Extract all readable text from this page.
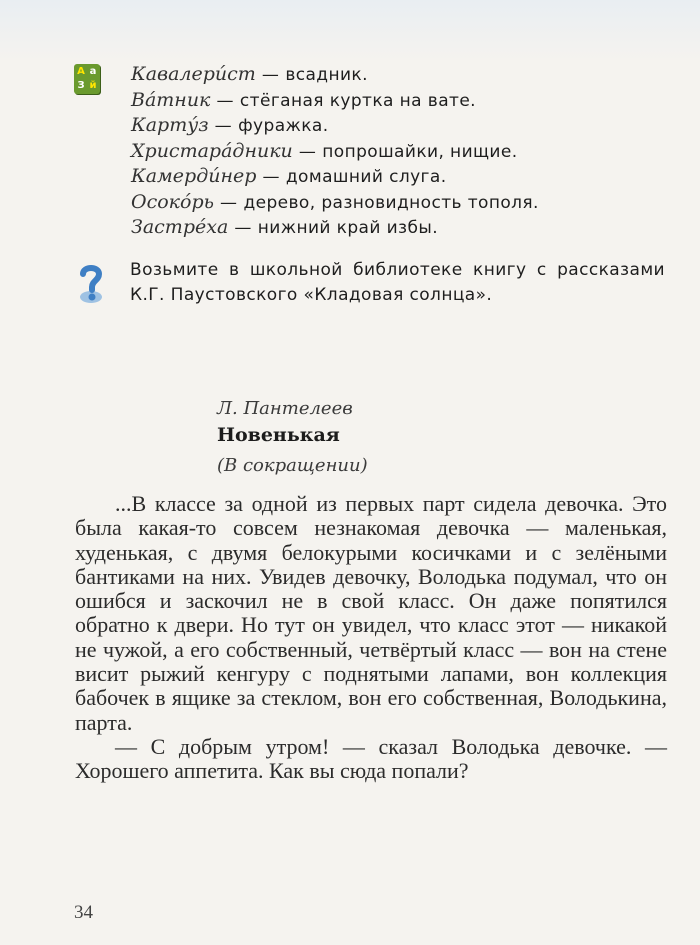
А а
З й
Кавалери́ст — всадник.
Ва́тник — стёганая куртка на вате.
Карту́з — фуражка.
Христара́дники — попрошайки, нищие.
Камерди́нер — домашний слуга.
Осоко́рь — дерево, разновидность тополя.
Застре́ха — нижний край избы.
Возьмите в школьной библиотеке книгу с рассказами К.Г. Паустовского «Кладовая солнца».
Л. Пантелеев
Новенькая
(В сокращении)

...В классе за одной из первых парт сидела девочка. Это была какая-то совсем незнакомая девочка — маленькая, худенькая, с двумя белокурыми косичками и с зелёными бантиками на них. Увидев девочку, Володька подумал, что он ошибся и заскочил не в свой класс. Он даже попятился обратно к двери. Но тут он увидел, что класс этот — никакой не чужой, а его собственный, четвёртый класс — вон на стене висит рыжий кенгуру с поднятыми лапами, вон коллекция бабочек в ящике за стеклом, вон его собственная, Володькина, парта.

— С добрым утром! — сказал Володька девочке. — Хорошего аппетита. Как вы сюда попали?

34
